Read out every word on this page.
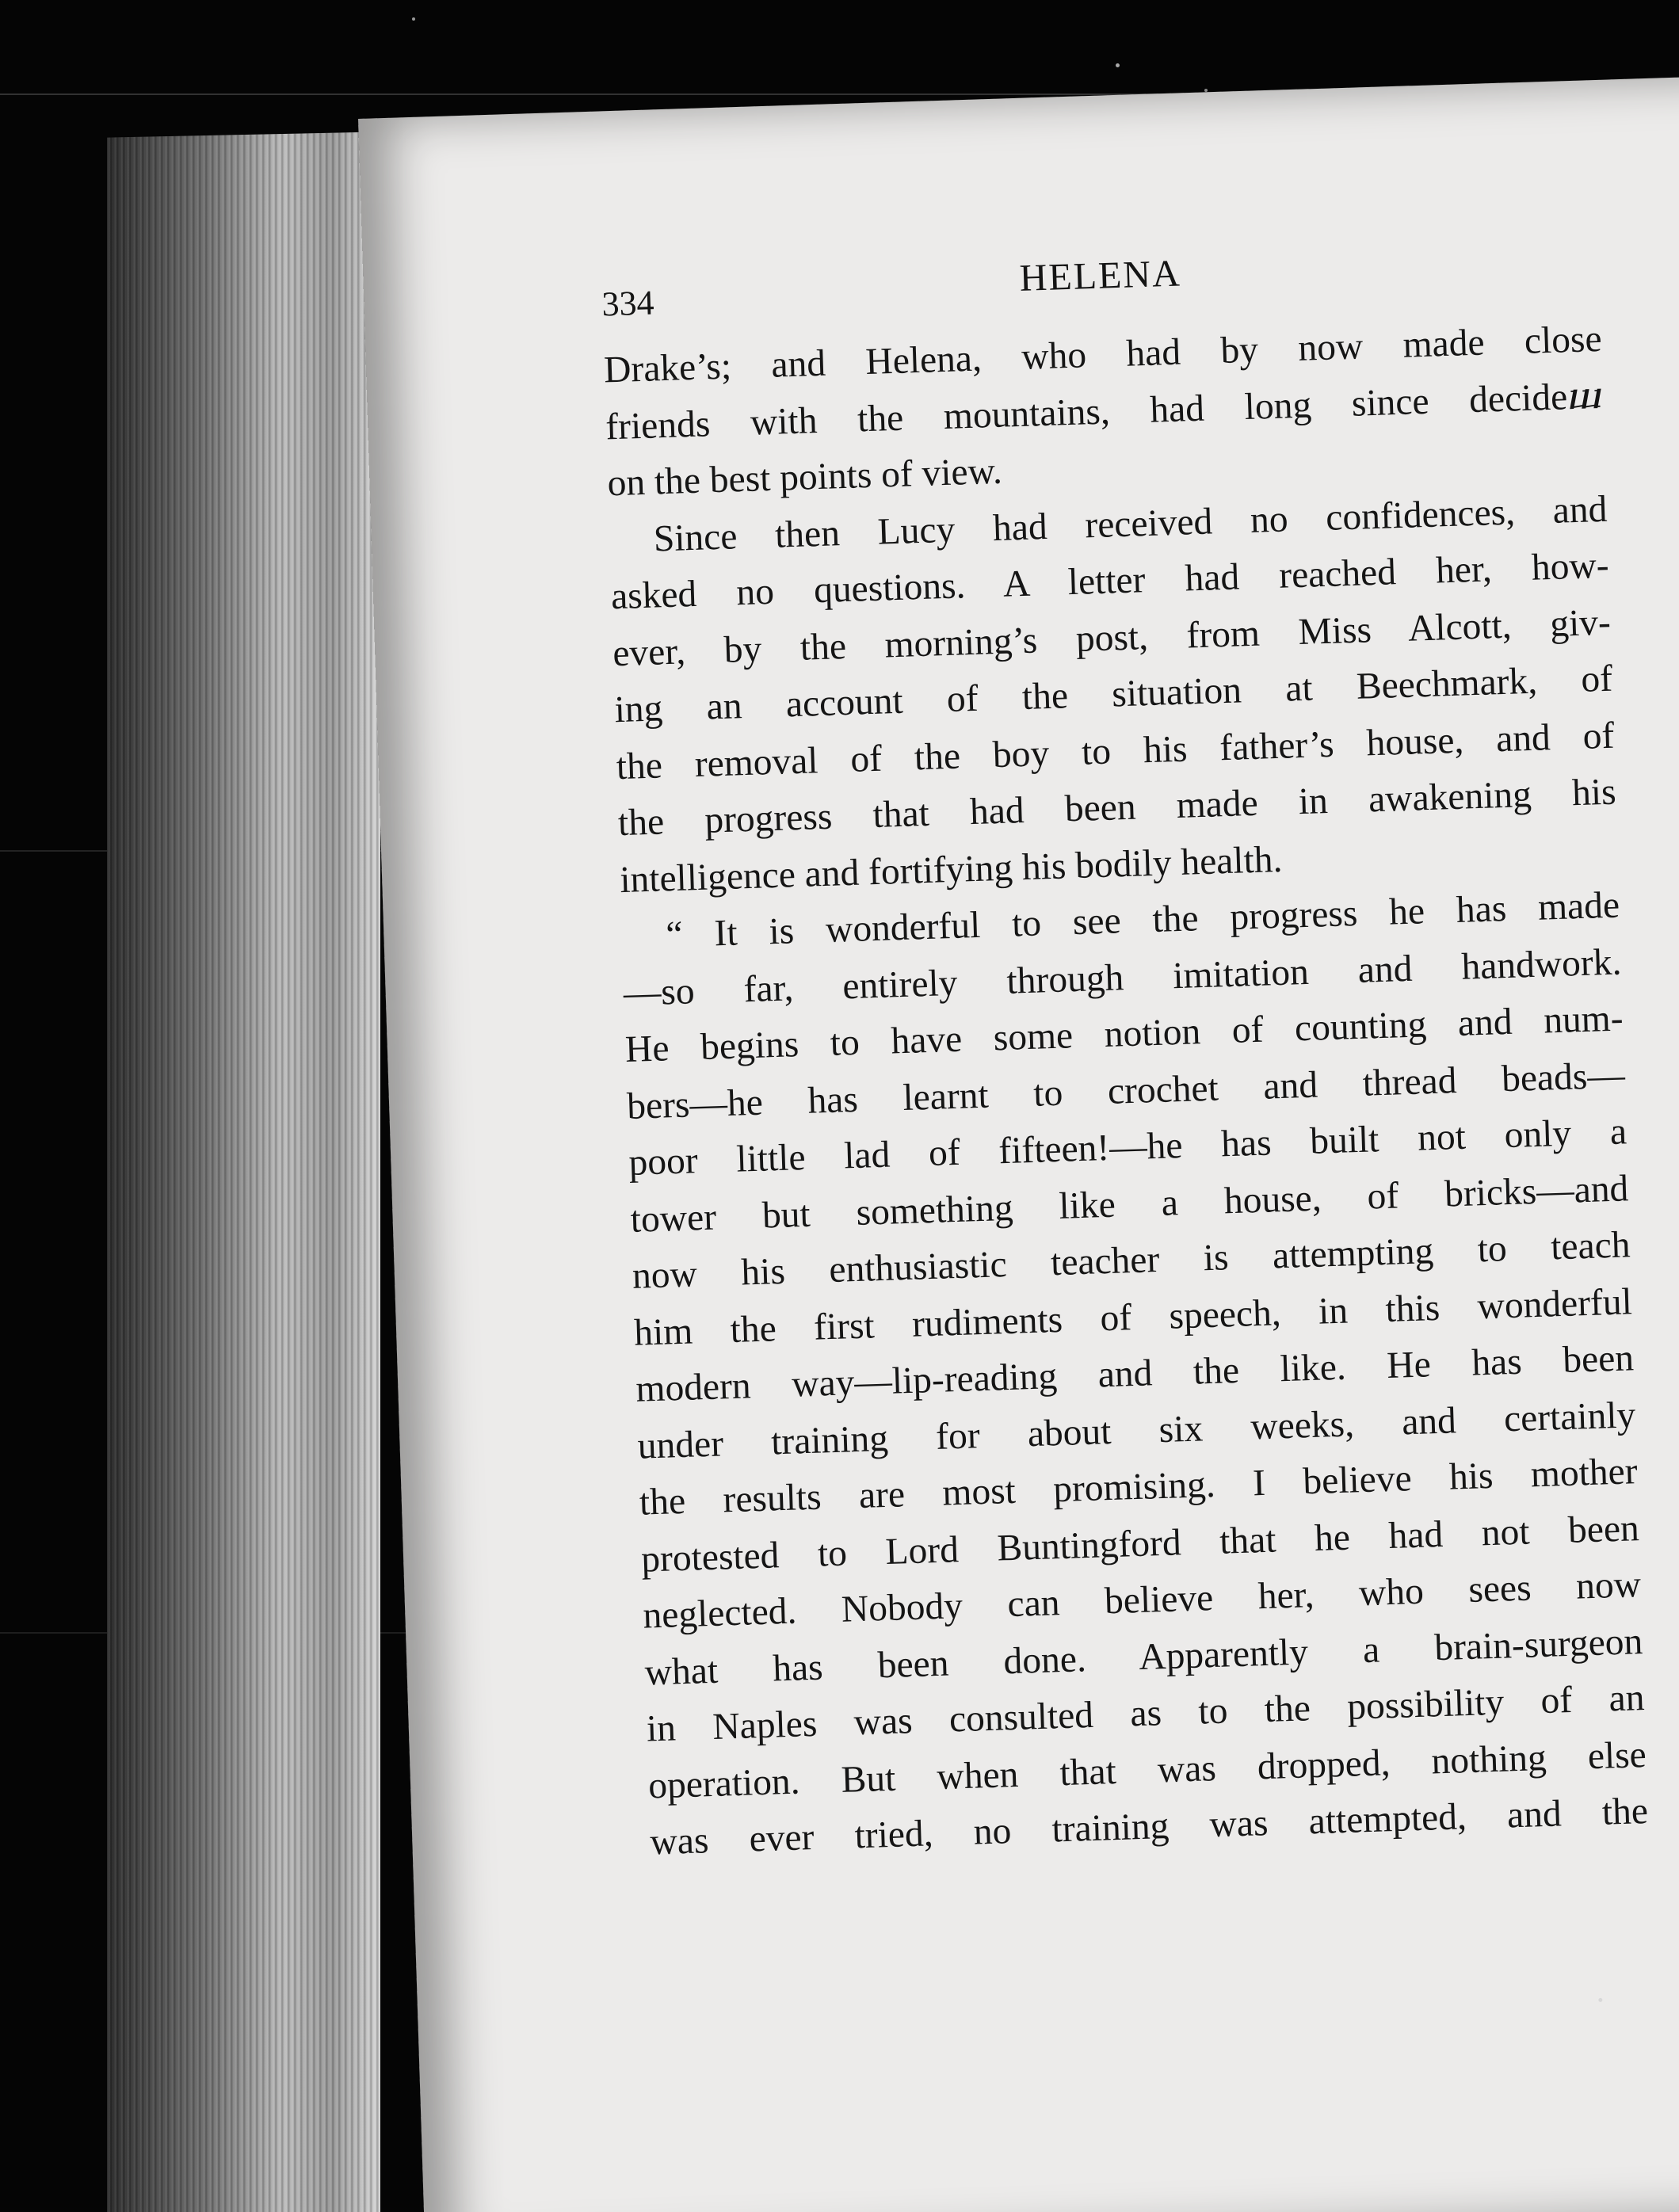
334
HELENA
Drake’s; and Helena, who had by now made close
friends with the mountains, had long since decideⴍ
on the best points of view.
Since then Lucy had received no confidences, and
asked no questions. A letter had reached her, how-
ever, by the morning’s post, from Miss Alcott, giv-
ing an account of the situation at Beechmark, of
the removal of the boy to his father’s house, and of
the progress that had been made in awakening his
intelligence and fortifying his bodily health.
“ It is wonderful to see the progress he has made
—so far, entirely through imitation and handwork.
He begins to have some notion of counting and num-
bers—he has learnt to crochet and thread beads—
poor little lad of fifteen!—he has built not only a
tower but something like a house, of bricks—and
now his enthusiastic teacher is attempting to teach
him the first rudiments of speech, in this wonderful
modern way—lip-reading and the like. He has been
under training for about six weeks, and certainly
the results are most promising. I believe his mother
protested to Lord Buntingford that he had not been
neglected. Nobody can believe her, who sees now
what has been done. Apparently a brain-surgeon
in Naples was consulted as to the possibility of an
operation. But when that was dropped, nothing else
was ever tried, no training was attempted, and the
